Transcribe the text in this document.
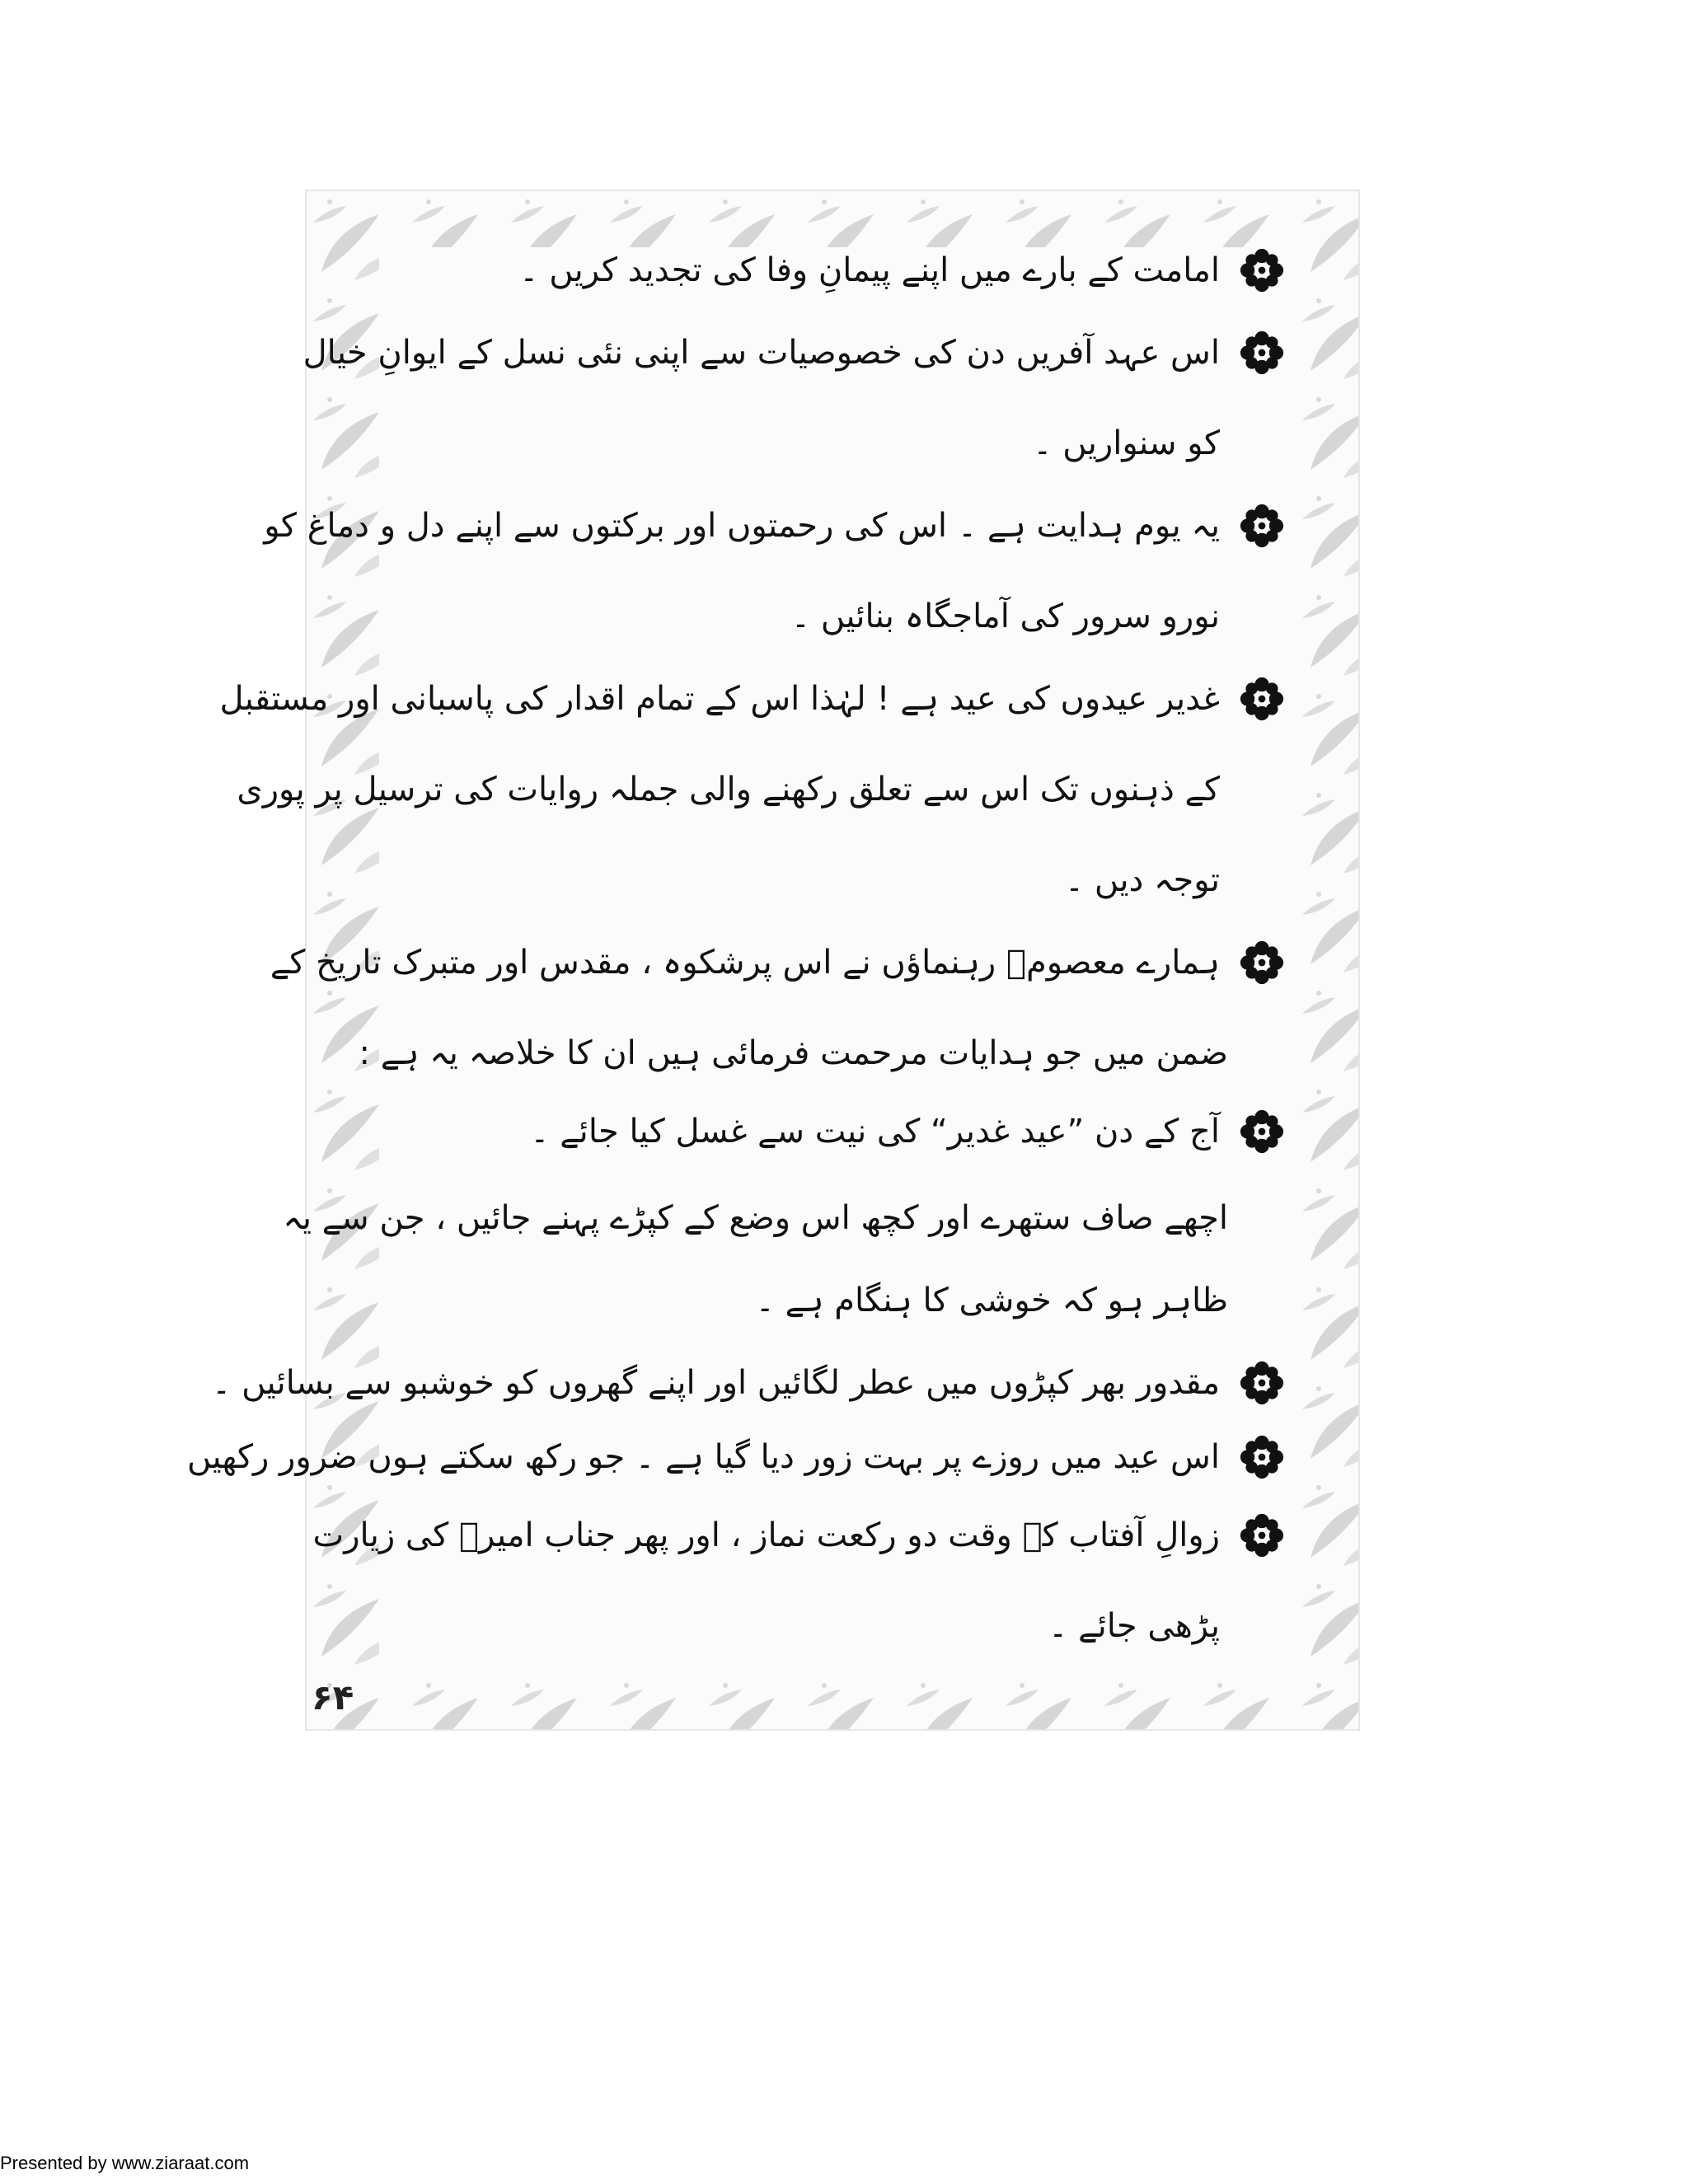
امامت کے بارے میں اپنے پیمانِ وفا کی تجدید کریں ۔
اس عہد آفریں دن کی خصوصیات سے اپنی نئی نسل کے ایوانِ خیال
کو سنواریں ۔
یہ یوم ہدایت ہے ۔ اس کی رحمتوں اور برکتوں سے اپنے دل و دماغ کو
نورو سرور کی آماجگاہ بنائیں ۔
غدیر عیدوں کی عید ہے ! لہٰذا اس کے تمام اقدار کی پاسبانی اور مستقبل
کے ذہنوں تک اس سے تعلق رکھنے والی جملہ روایات کی ترسیل پر پوری
توجہ دیں ۔
ہمارے معصومؑ رہنماؤں نے اس پرشکوہ ، مقدس اور متبرک تاریخ کے
ضمن میں جو ہدایات مرحمت فرمائی ہیں ان کا خلاصہ یہ ہے :
آج کے دن ”عید غدیر“ کی نیت سے غسل کیا جائے ۔
اچھے صاف ستھرے اور کچھ اس وضع کے کپڑے پہنے جائیں ، جن سے یہ
ظاہر ہو کہ خوشی کا ہنگام ہے ۔
مقدور بھر کپڑوں میں عطر لگائیں اور اپنے گھروں کو خوشبو سے بسائیں ۔
اس عید میں روزے پر بہت زور دیا گیا ہے ۔ جو رکھ سکتے ہوں ضرور رکھیں
زوالِ آفتاب کے وقت دو رکعت نماز ، اور پھر جناب امیرؑ کی زیارت
پڑھی جائے ۔
۶۴
Presented by www.ziaraat.com
